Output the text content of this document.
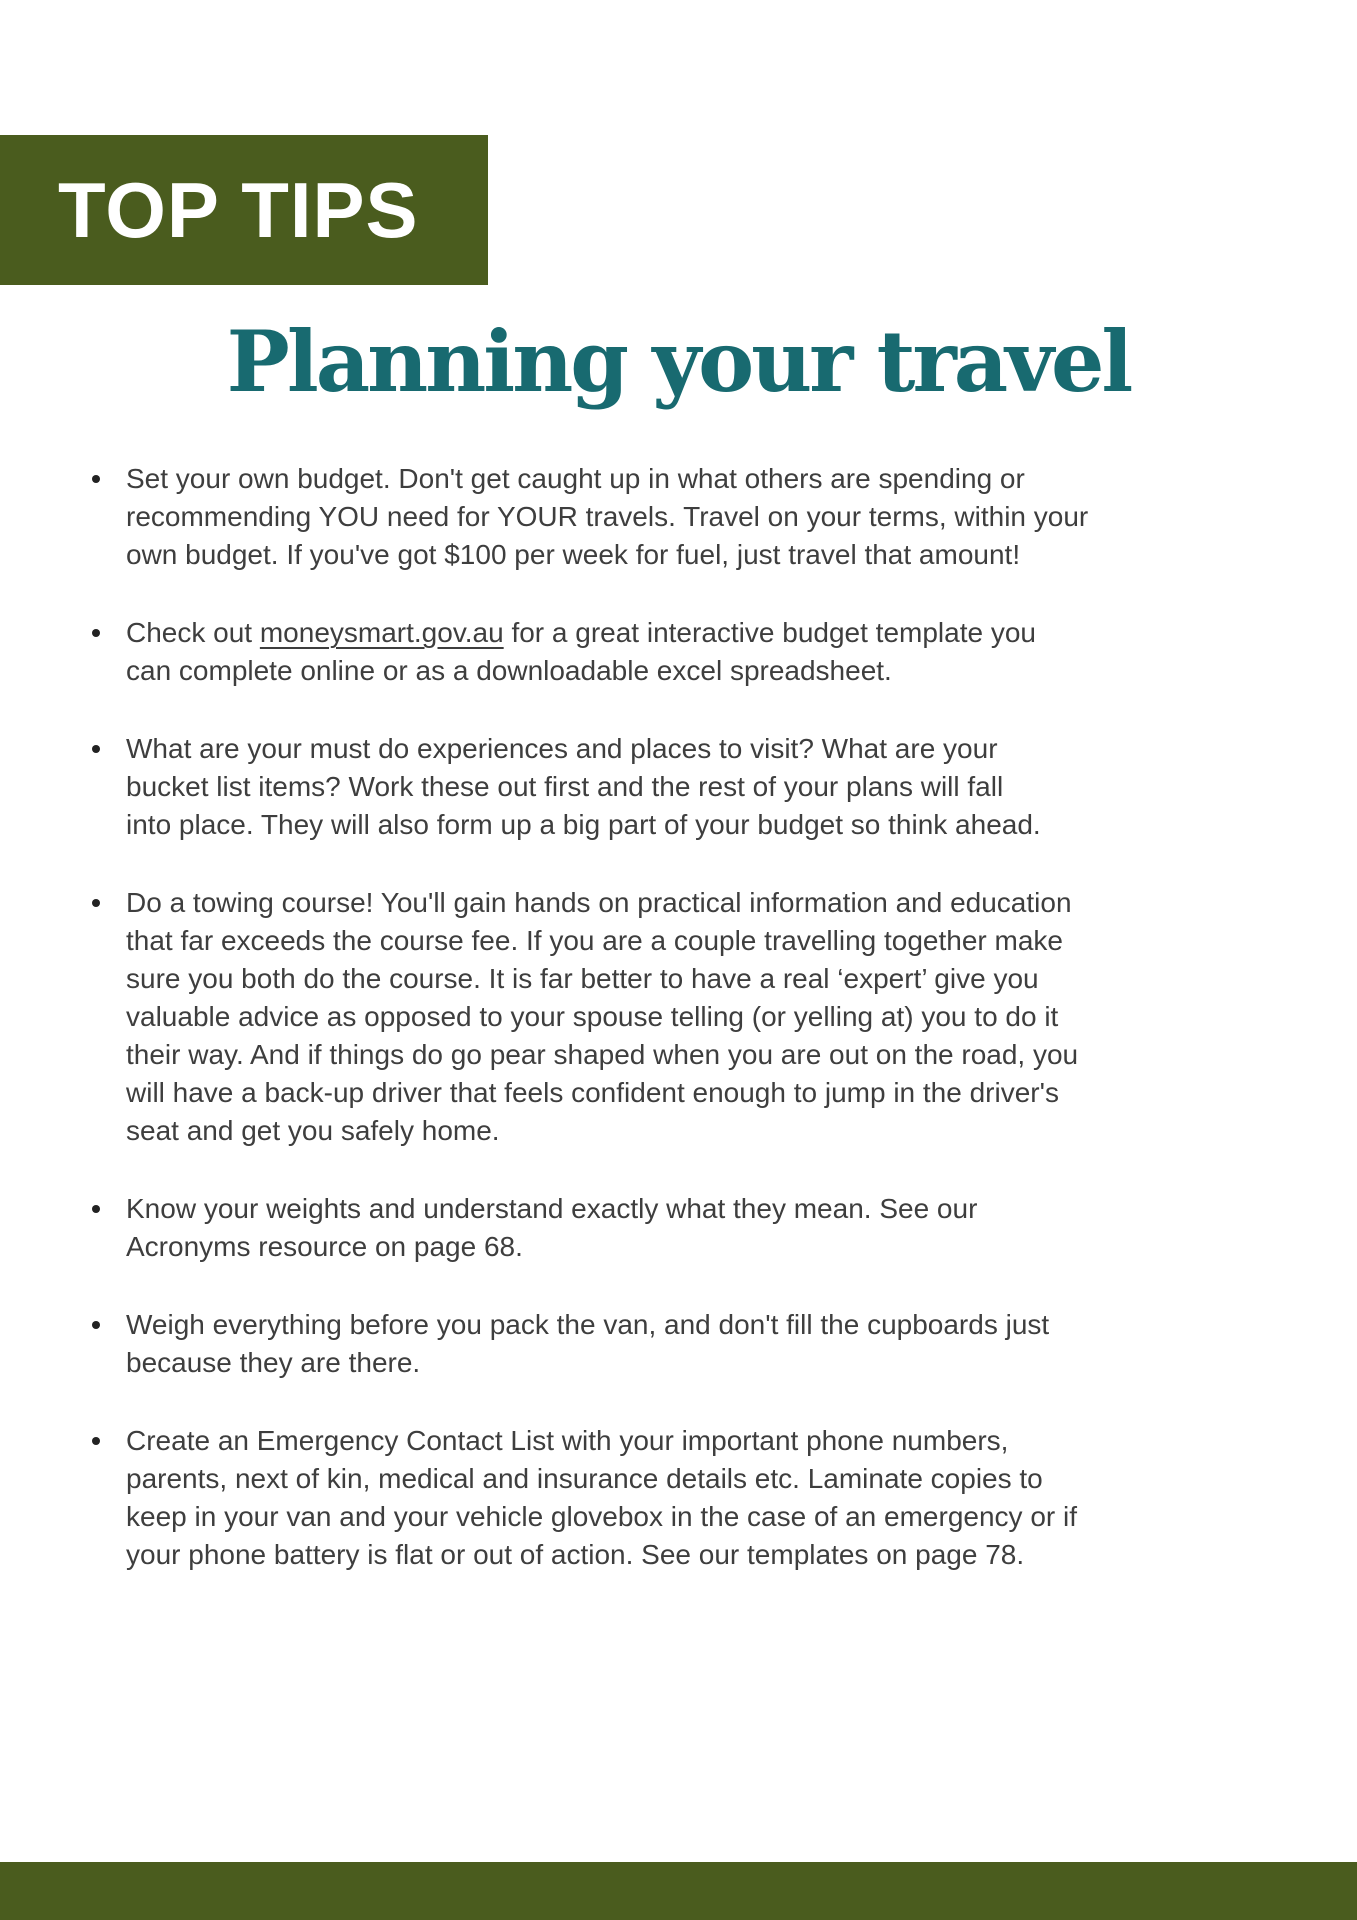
TOP TIPS
Planning your travel
Set your own budget. Don't get caught up in what others are spending or
recommending YOU need for YOUR travels. Travel on your terms, within your
own budget. If you've got $100 per week for fuel, just travel that amount!
Check out moneysmart.gov.au for a great interactive budget template you
can complete online or as a downloadable excel spreadsheet.
What are your must do experiences and places to visit? What are your
bucket list items? Work these out first and the rest of your plans will fall
into place. They will also form up a big part of your budget so think ahead.
Do a towing course! You'll gain hands on practical information and education
that far exceeds the course fee. If you are a couple travelling together make
sure you both do the course. It is far better to have a real ‘expert’ give you
valuable advice as opposed to your spouse telling (or yelling at) you to do it
their way. And if things do go pear shaped when you are out on the road, you
will have a back-up driver that feels confident enough to jump in the driver's
seat and get you safely home.
Know your weights and understand exactly what they mean. See our
Acronyms resource on page 68.
Weigh everything before you pack the van, and don't fill the cupboards just
because they are there.
Create an Emergency Contact List with your important phone numbers,
parents, next of kin, medical and insurance details etc. Laminate copies to
keep in your van and your vehicle glovebox in the case of an emergency or if
your phone battery is flat or out of action. See our templates on page 78.
